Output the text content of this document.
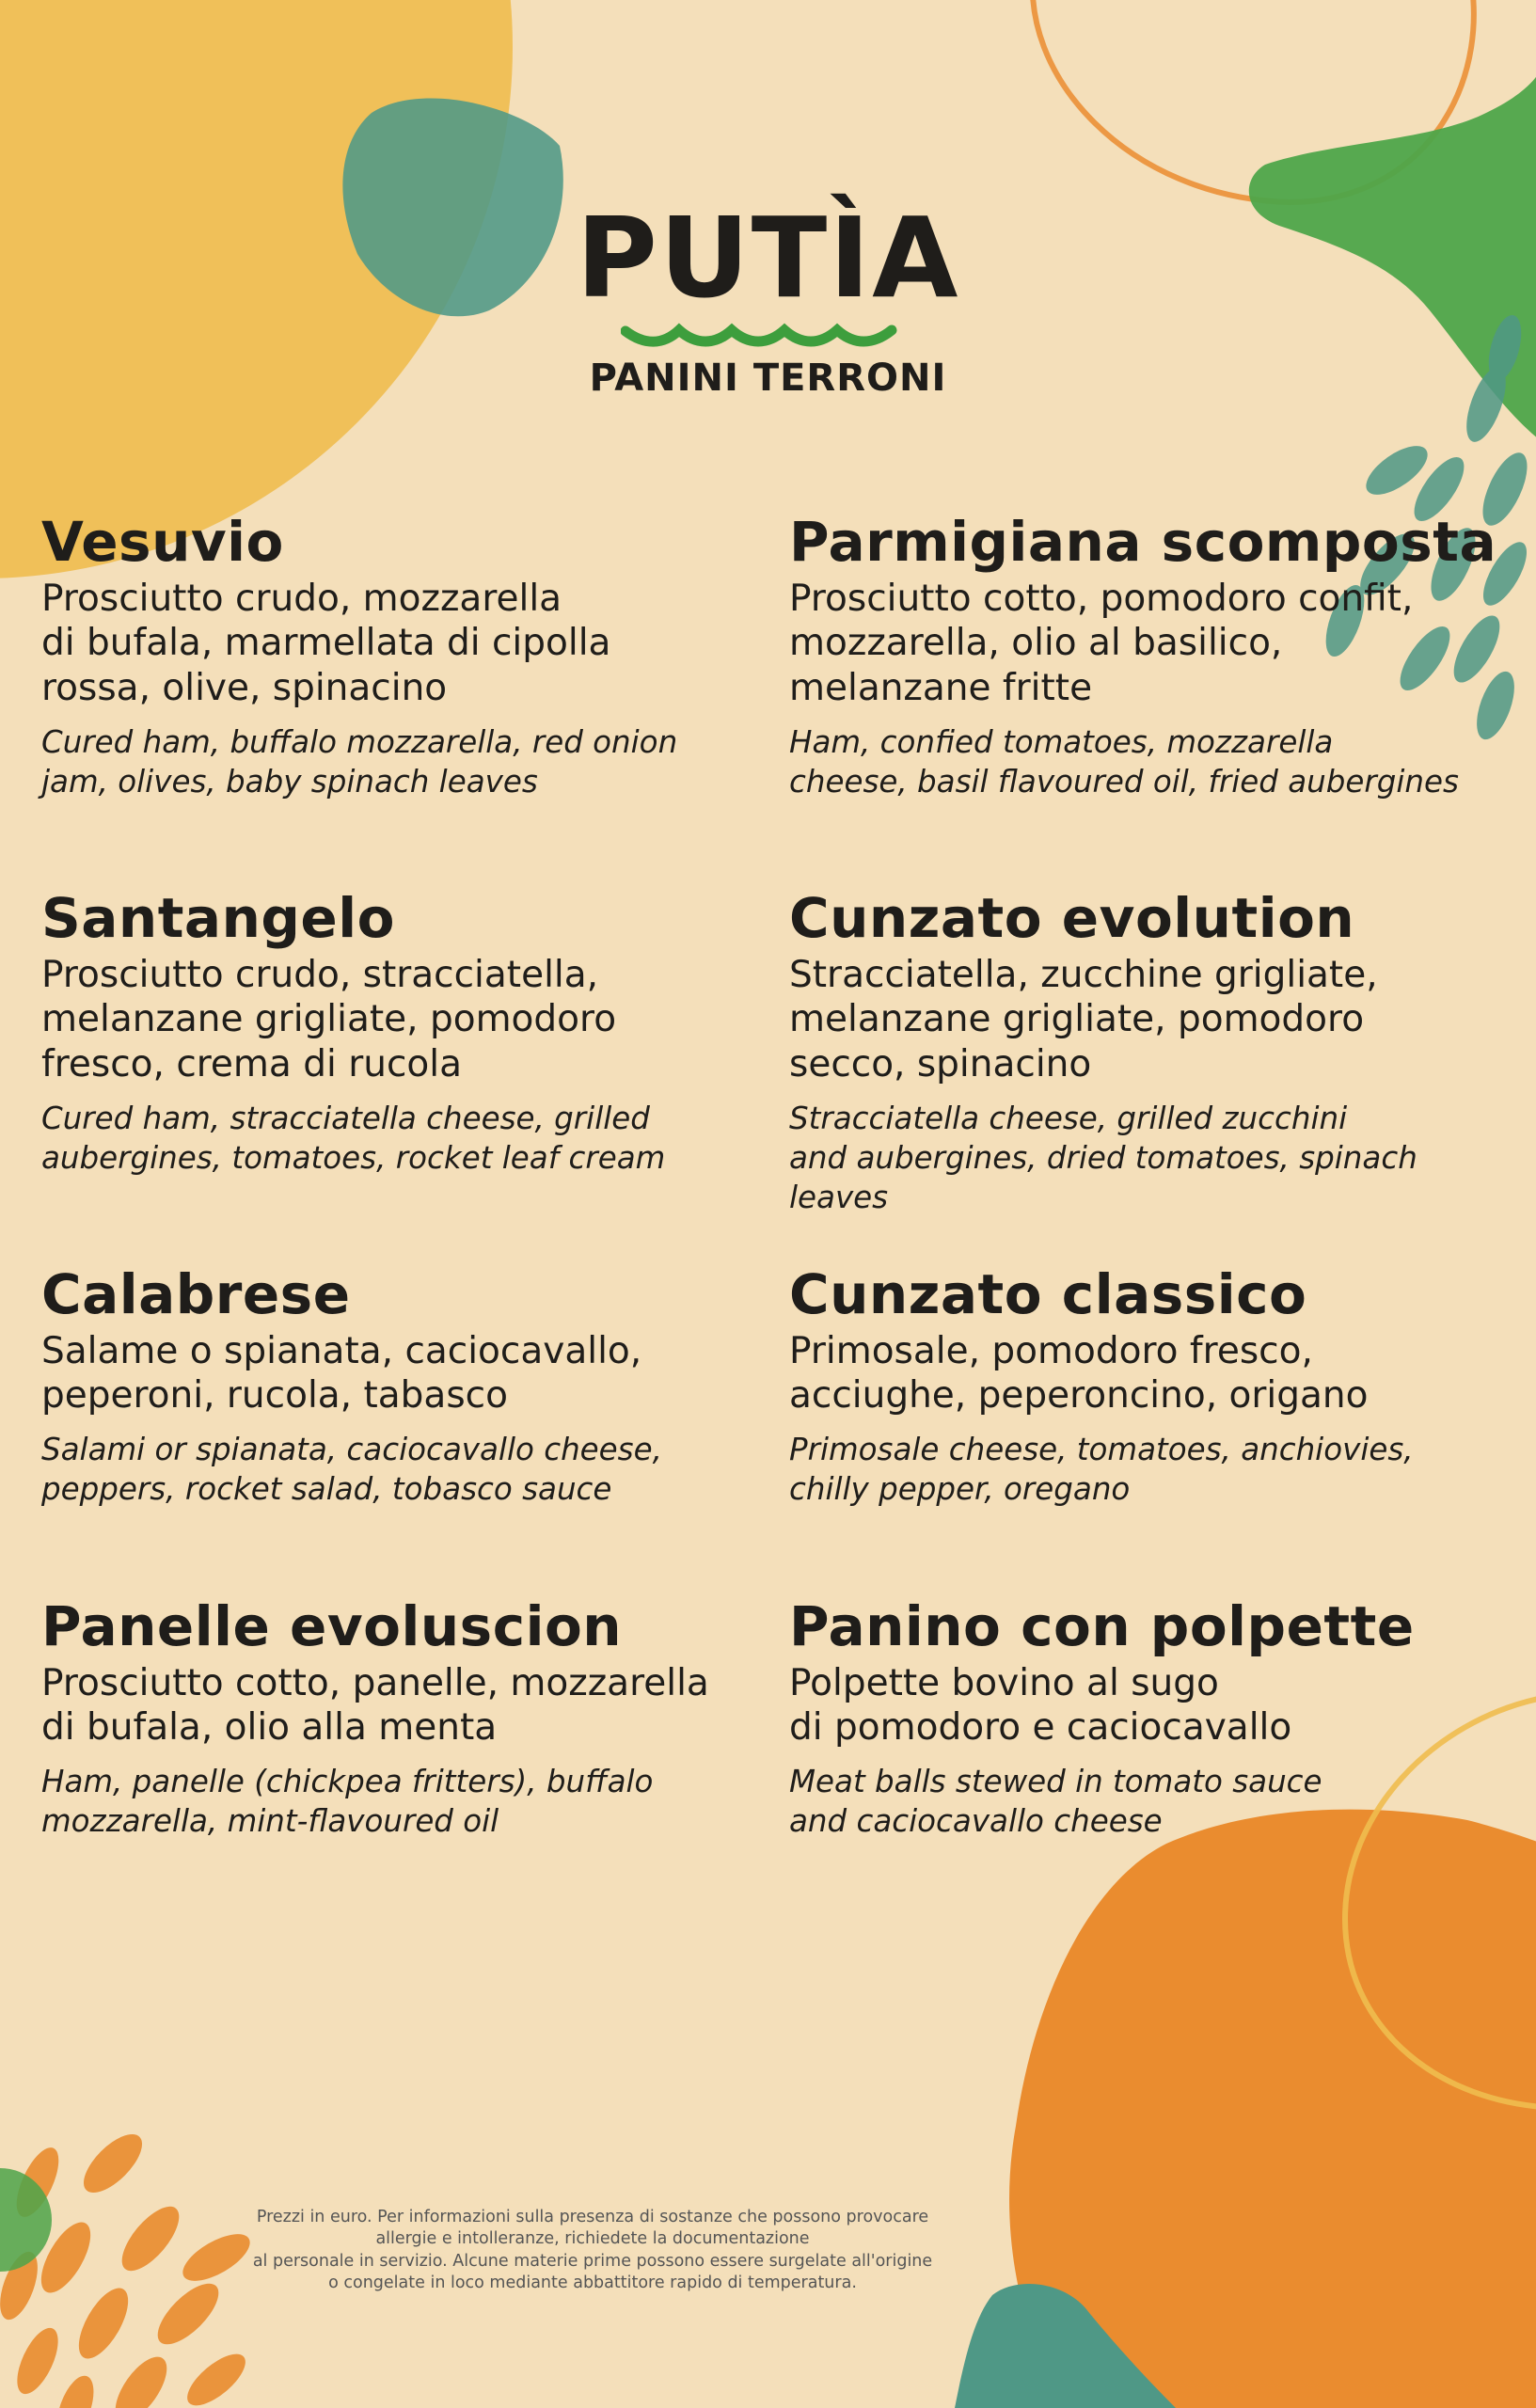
PUTÌA
PANINI TERRONI
Vesuvio
Prosciutto crudo, mozzarella
di bufala, marmellata di cipolla
rossa, olive, spinacino
Cured ham, buffalo mozzarella, red onion
jam, olives, baby spinach leaves
Parmigiana scomposta
Prosciutto cotto, pomodoro confit,
mozzarella, olio al basilico,
melanzane fritte
Ham, confied tomatoes, mozzarella
cheese, basil flavoured oil, fried aubergines
Santangelo
Prosciutto crudo, stracciatella,
melanzane grigliate, pomodoro
fresco, crema di rucola
Cured ham, stracciatella cheese, grilled
aubergines, tomatoes, rocket leaf cream
Cunzato evolution
Stracciatella, zucchine grigliate,
melanzane grigliate, pomodoro
secco, spinacino
Stracciatella cheese, grilled zucchini
and aubergines, dried tomatoes, spinach
leaves
Calabrese
Salame o spianata, caciocavallo,
peperoni, rucola, tabasco
Salami or spianata, caciocavallo cheese,
peppers, rocket salad, tobasco sauce
Cunzato classico
Primosale, pomodoro fresco,
acciughe, peperoncino, origano
Primosale cheese, tomatoes, anchiovies,
chilly pepper, oregano
Panelle evoluscion
Prosciutto cotto, panelle, mozzarella
di bufala, olio alla menta
Ham, panelle (chickpea fritters), buffalo
mozzarella, mint-flavoured oil
Panino con polpette
Polpette bovino al sugo
di pomodoro e caciocavallo
Meat balls stewed in tomato sauce
and caciocavallo cheese
Prezzi in euro. Per informazioni sulla presenza di sostanze che possono provocare
allergie e intolleranze, richiedete la documentazione
al personale in servizio. Alcune materie prime possono essere surgelate all'origine
o congelate in loco mediante abbattitore rapido di temperatura.
